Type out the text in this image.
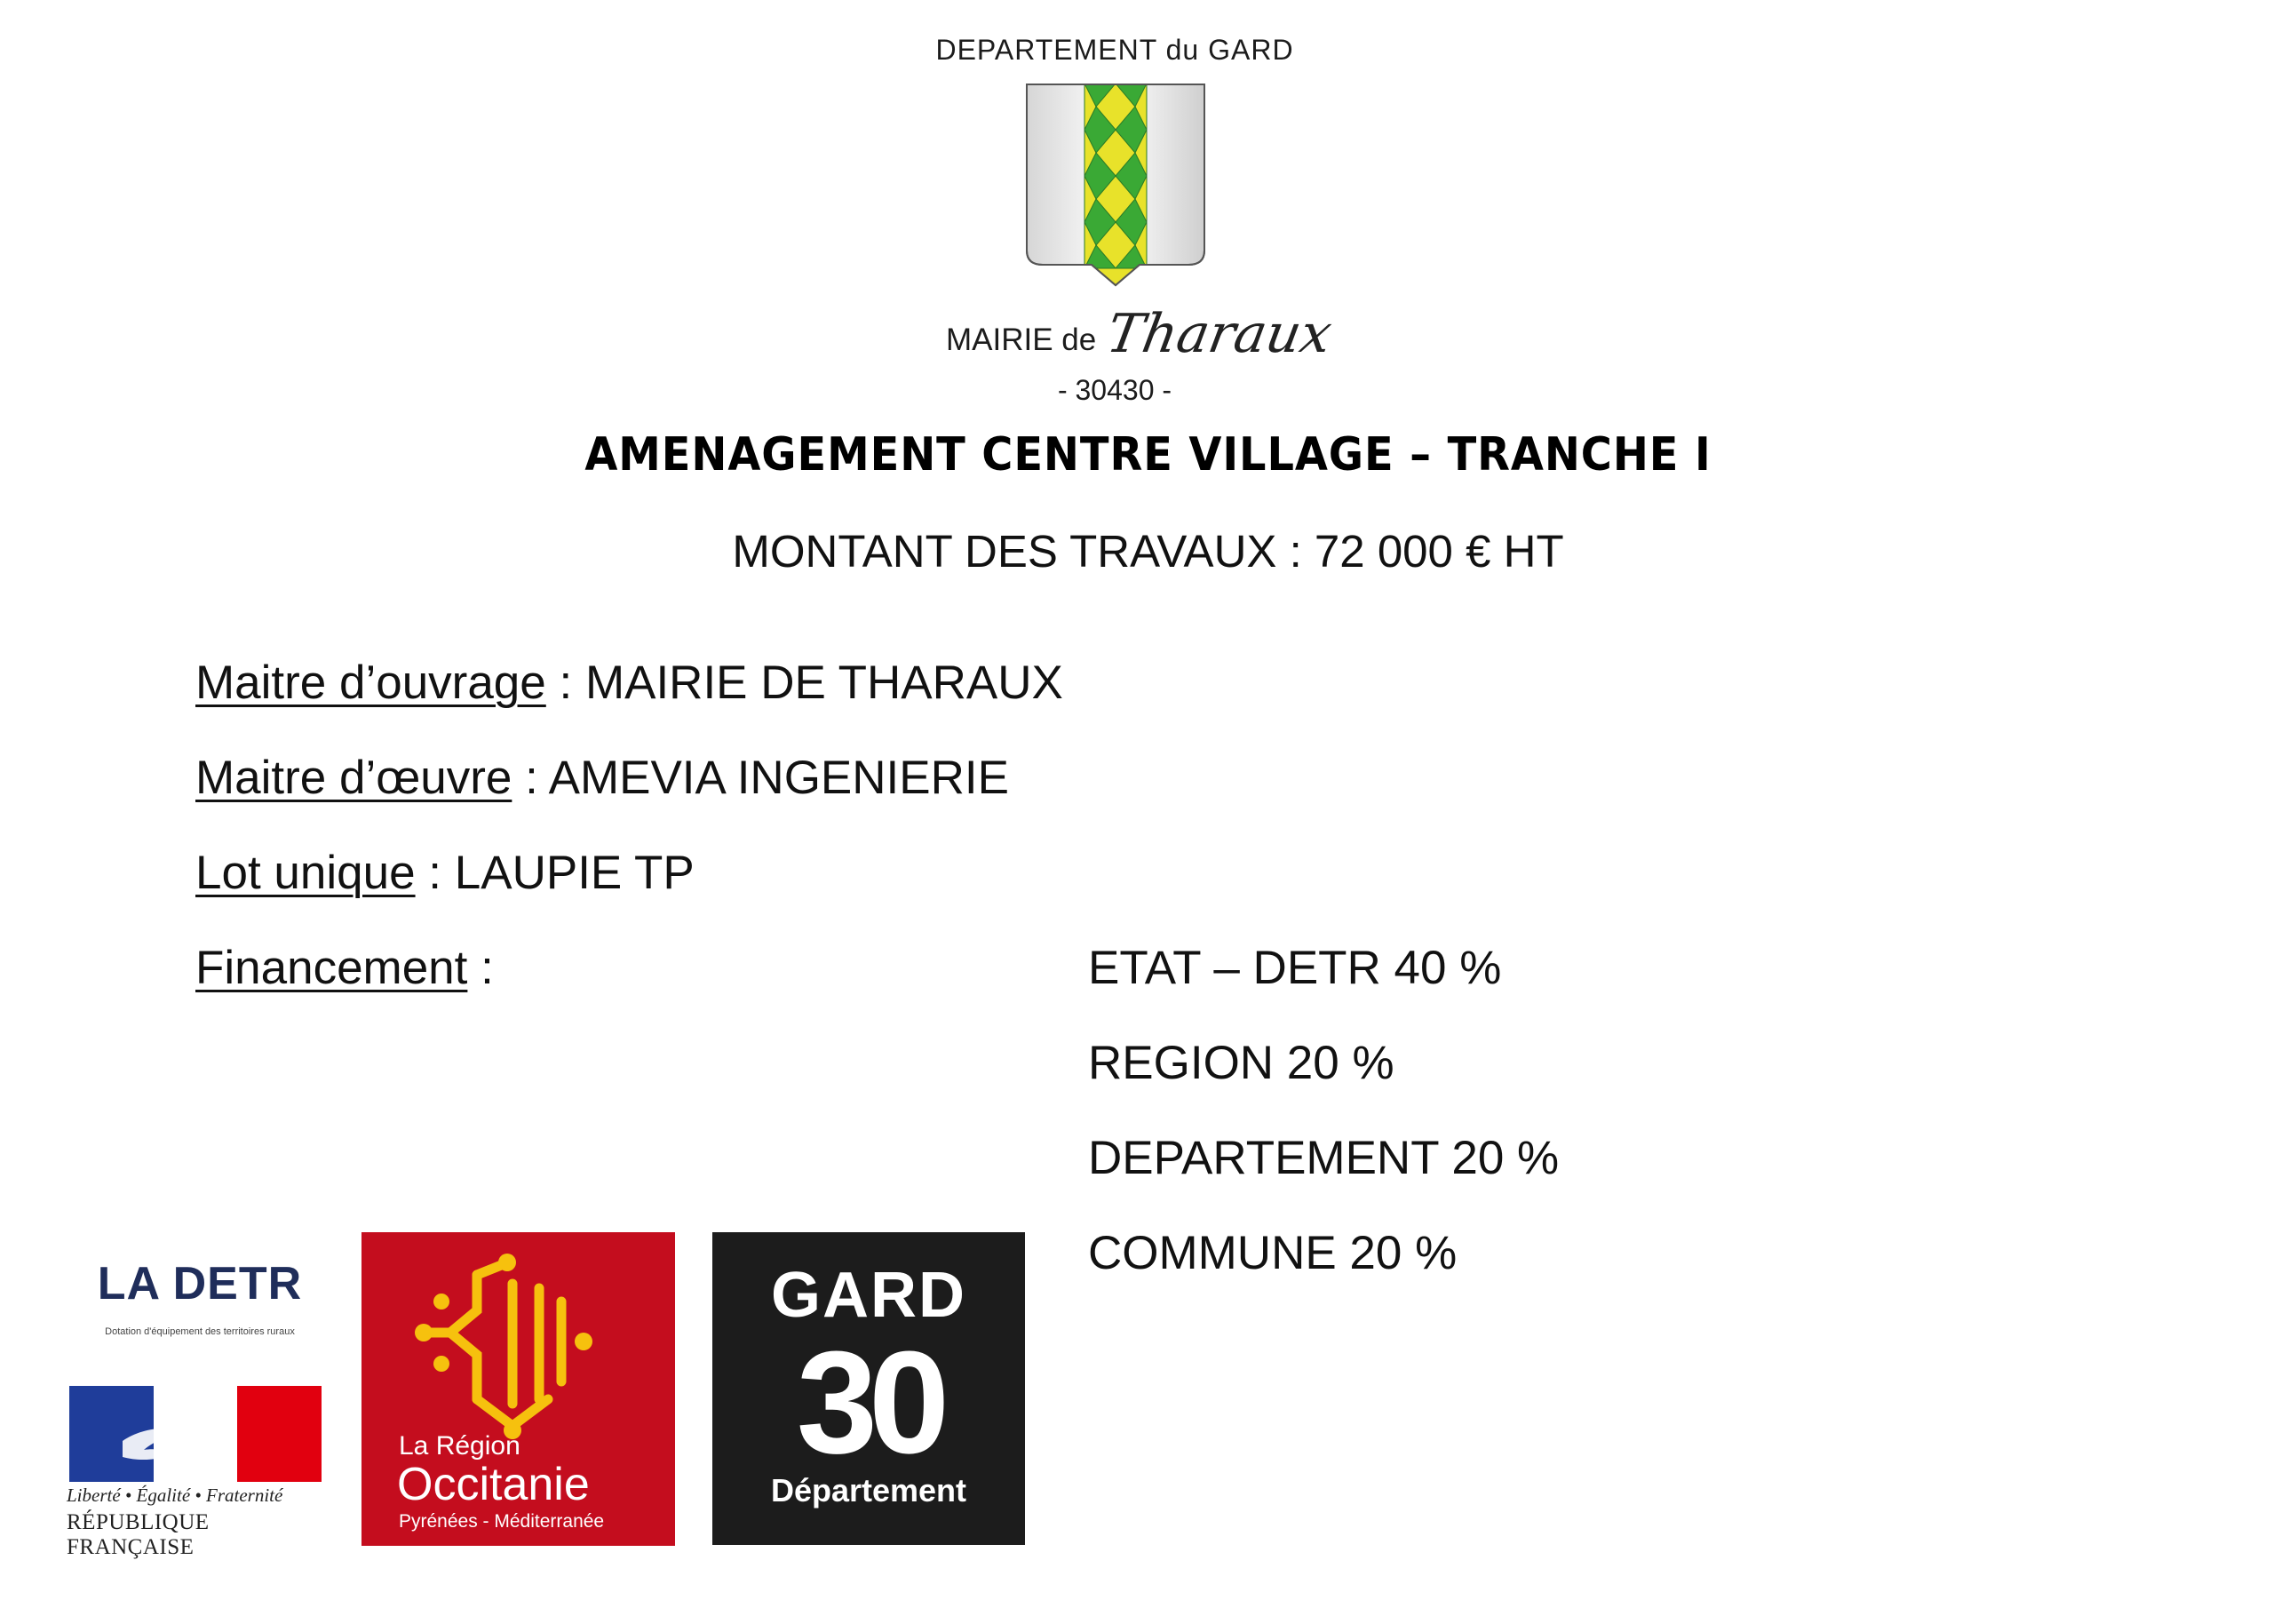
DEPARTEMENT du GARD
MAIRIE de Tharaux
- 30430 -
AMENAGEMENT CENTRE VILLAGE – TRANCHE I
MONTANT DES TRAVAUX : 72 000 € HT
Maitre d’ouvrage : MAIRIE DE THARAUX
Maitre d’œuvre : AMEVIA INGENIERIE
Lot unique : LAUPIE TP
Financement :	ETAT – DETR 40 %
REGION 20 %
DEPARTEMENT 20 %
COMMUNE 20 %
LA DETR
Dotation d'équipement des territoires ruraux
Liberté • Égalité • Fraternité
RÉPUBLIQUE FRANÇAISE
La Région
Occitanie
Pyrénées - Méditerranée
GARD
30
Département
